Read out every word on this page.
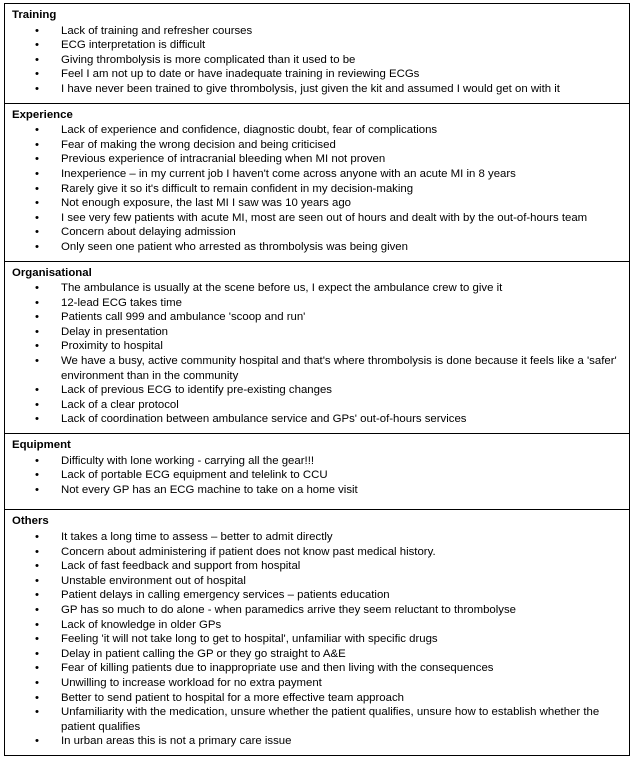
Training
• Lack of training and refresher courses
• ECG interpretation is difficult
• Giving thrombolysis is more complicated than it used to be
• Feel I am not up to date or have inadequate training in reviewing ECGs
• I have never been trained to give thrombolysis, just given the kit and assumed I would get on with it
Experience
• Lack of experience and confidence, diagnostic doubt, fear of complications
• Fear of making the wrong decision and being criticised
• Previous experience of intracranial bleeding when MI not proven
• Inexperience – in my current job I haven't come across anyone with an acute MI in 8 years
• Rarely give it so it's difficult to remain confident in my decision-making
• Not enough exposure, the last MI I saw was 10 years ago
• I see very few patients with acute MI, most are seen out of hours and dealt with by the out-of-hours team
• Concern about delaying admission
• Only seen one patient who arrested as thrombolysis was being given
Organisational
• The ambulance is usually at the scene before us, I expect the ambulance crew to give it
• 12-lead ECG takes time
• Patients call 999 and ambulance 'scoop and run'
• Delay in presentation
• Proximity to hospital
• We have a busy, active community hospital and that's where thrombolysis is done because it feels like a 'safer' environment than in the community
• Lack of previous ECG to identify pre-existing changes
• Lack of a clear protocol
• Lack of coordination between ambulance service and GPs' out-of-hours services
Equipment
• Difficulty with lone working - carrying all the gear!!!
• Lack of portable ECG equipment and telelink to CCU
• Not every GP has an ECG machine to take on a home visit
Others
• It takes a long time to assess – better to admit directly
• Concern about administering if patient does not know past medical history.
• Lack of fast feedback and support from hospital
• Unstable environment out of hospital
• Patient delays in calling emergency services – patients education
• GP has so much to do alone - when paramedics arrive they seem reluctant to thrombolyse
• Lack of knowledge in older GPs
• Feeling 'it will not take long to get to hospital', unfamiliar with specific drugs
• Delay in patient calling the GP or they go straight to A&E
• Fear of killing patients due to inappropriate use and then living with the consequences
• Unwilling to increase workload for no extra payment
• Better to send patient to hospital for a more effective team approach
• Unfamiliarity with the medication, unsure whether the patient qualifies, unsure how to establish whether the patient qualifies
• In urban areas this is not a primary care issue
